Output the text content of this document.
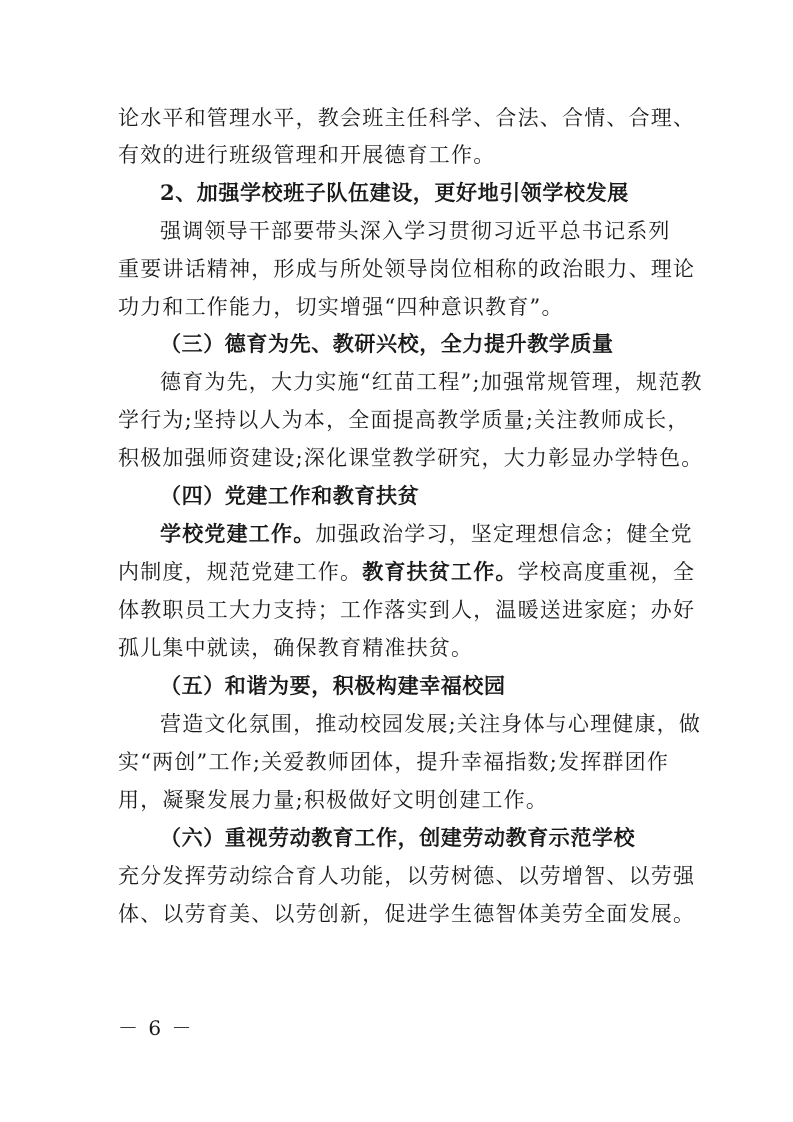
论水平和管理水平，教会班主任科学、合法、合情、合理、
有效的进行班级管理和开展德育工作。
2、加强学校班子队伍建设，更好地引领学校发展
强调领导干部要带头深入学习贯彻习近平总书记系列
重要讲话精神，形成与所处领导岗位相称的政治眼力、理论
功力和工作能力，切实增强“四种意识教育”。
（三）德育为先、教研兴校，全力提升教学质量
德育为先，大力实施“红苗工程”;加强常规管理，规范教
学行为;坚持以人为本，全面提高教学质量;关注教师成长，
积极加强师资建设;深化课堂教学研究，大力彰显办学特色。
（四）党建工作和教育扶贫
学校党建工作。加强政治学习，坚定理想信念；健全党
内制度，规范党建工作。教育扶贫工作。学校高度重视，全
体教职员工大力支持；工作落实到人，温暖送进家庭；办好
孤儿集中就读，确保教育精准扶贫。
（五）和谐为要，积极构建幸福校园
营造文化氛围，推动校园发展;关注身体与心理健康，做
实“两创”工作;关爱教师团体，提升幸福指数;发挥群团作
用，凝聚发展力量;积极做好文明创建工作。
（六）重视劳动教育工作，创建劳动教育示范学校
充分发挥劳动综合育人功能，以劳树德、以劳增智、以劳强
体、以劳育美、以劳创新，促进学生德智体美劳全面发展。
－ 6 －
